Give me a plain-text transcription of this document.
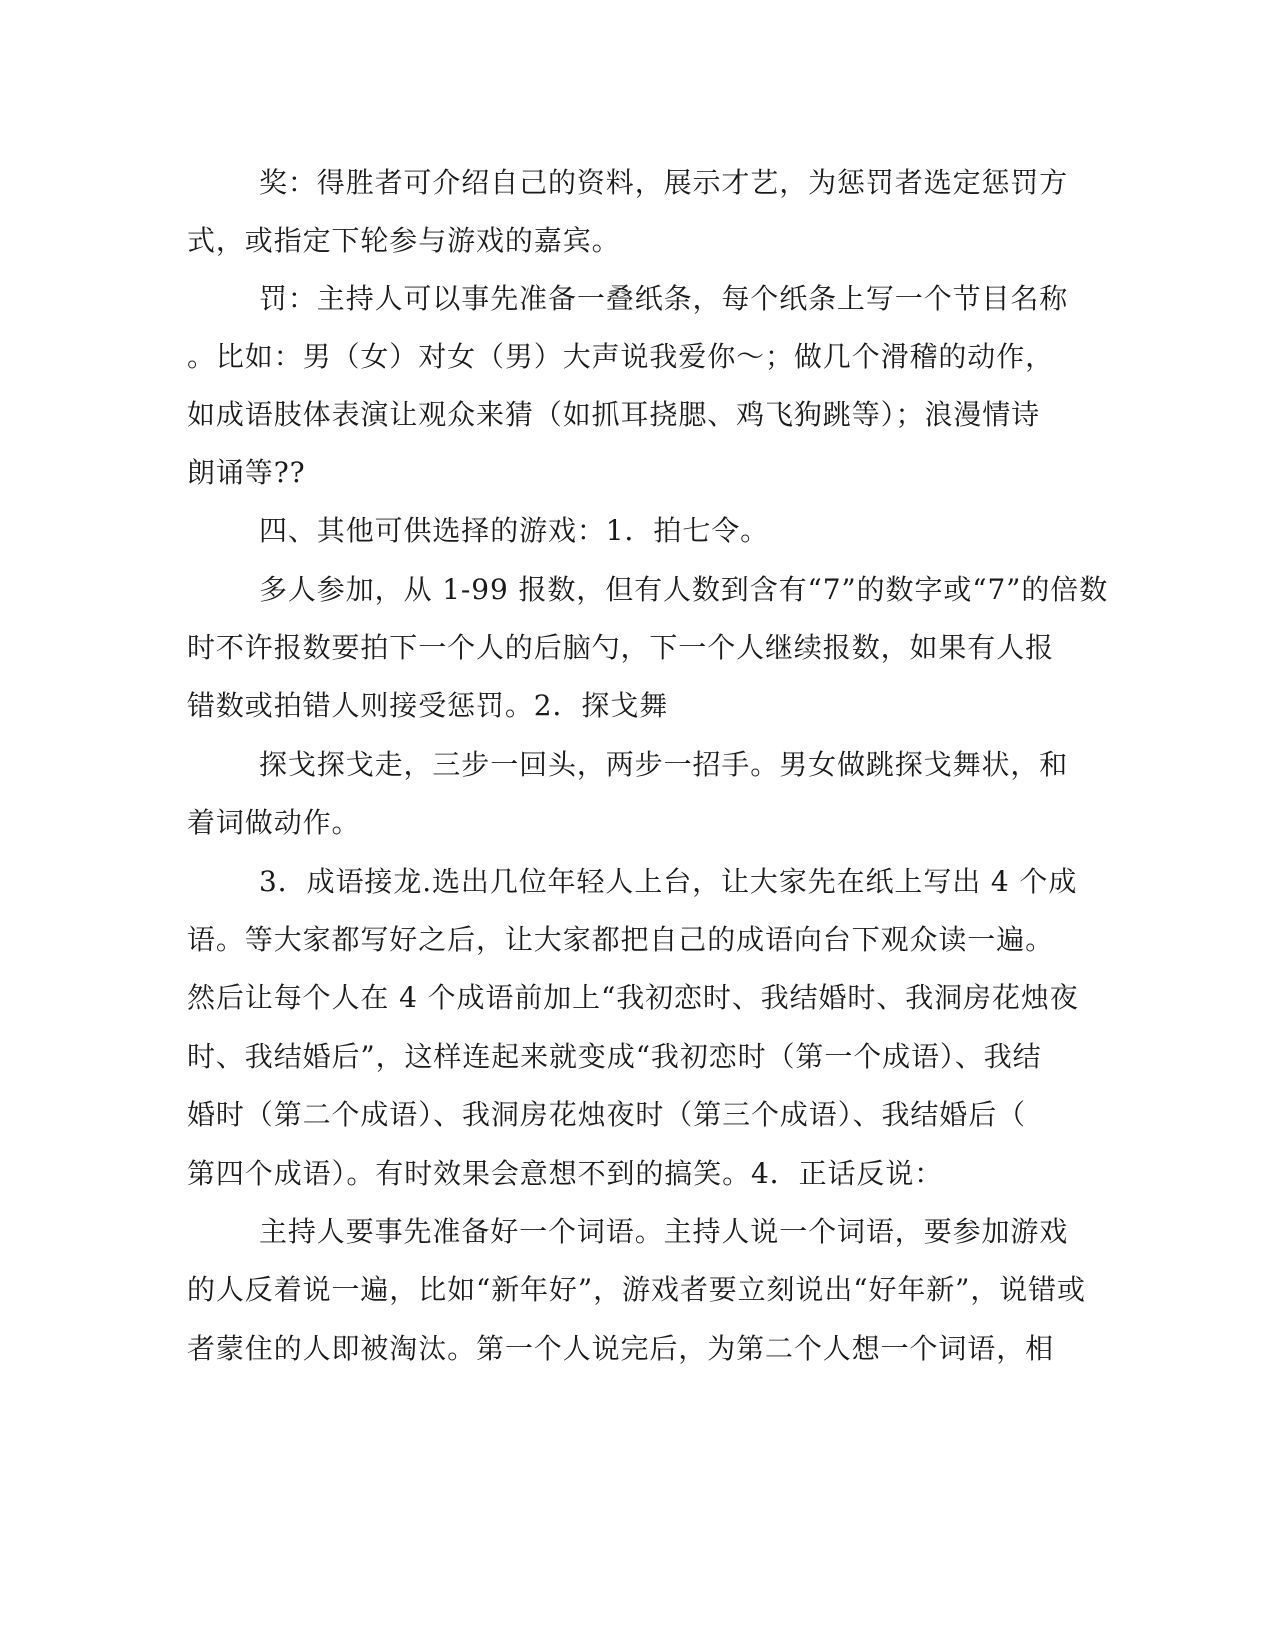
奖：得胜者可介绍自己的资料，展示才艺，为惩罚者选定惩罚方
式，或指定下轮参与游戏的嘉宾。
罚：主持人可以事先准备一叠纸条，每个纸条上写一个节目名称
。比如：男（女）对女（男）大声说我爱你～；做几个滑稽的动作，
如成语肢体表演让观众来猜（如抓耳挠腮、鸡飞狗跳等）；浪漫情诗
朗诵等??
四、其他可供选择的游戏：1．拍七令。
多人参加，从 1-99 报数，但有人数到含有“7”的数字或“7”的倍数
时不许报数要拍下一个人的后脑勺，下一个人继续报数，如果有人报
错数或拍错人则接受惩罚。2．探戈舞
探戈探戈走，三步一回头，两步一招手。男女做跳探戈舞状，和
着词做动作。
3．成语接龙.选出几位年轻人上台，让大家先在纸上写出 4 个成
语。等大家都写好之后，让大家都把自己的成语向台下观众读一遍。
然后让每个人在 4 个成语前加上“我初恋时、我结婚时、我洞房花烛夜
时、我结婚后”，这样连起来就变成“我初恋时（第一个成语）、我结
婚时（第二个成语）、我洞房花烛夜时（第三个成语）、我结婚后（
第四个成语）。有时效果会意想不到的搞笑。4．正话反说：
主持人要事先准备好一个词语。主持人说一个词语，要参加游戏
的人反着说一遍，比如“新年好”，游戏者要立刻说出“好年新”，说错或
者蒙住的人即被淘汰。第一个人说完后，为第二个人想一个词语，相
